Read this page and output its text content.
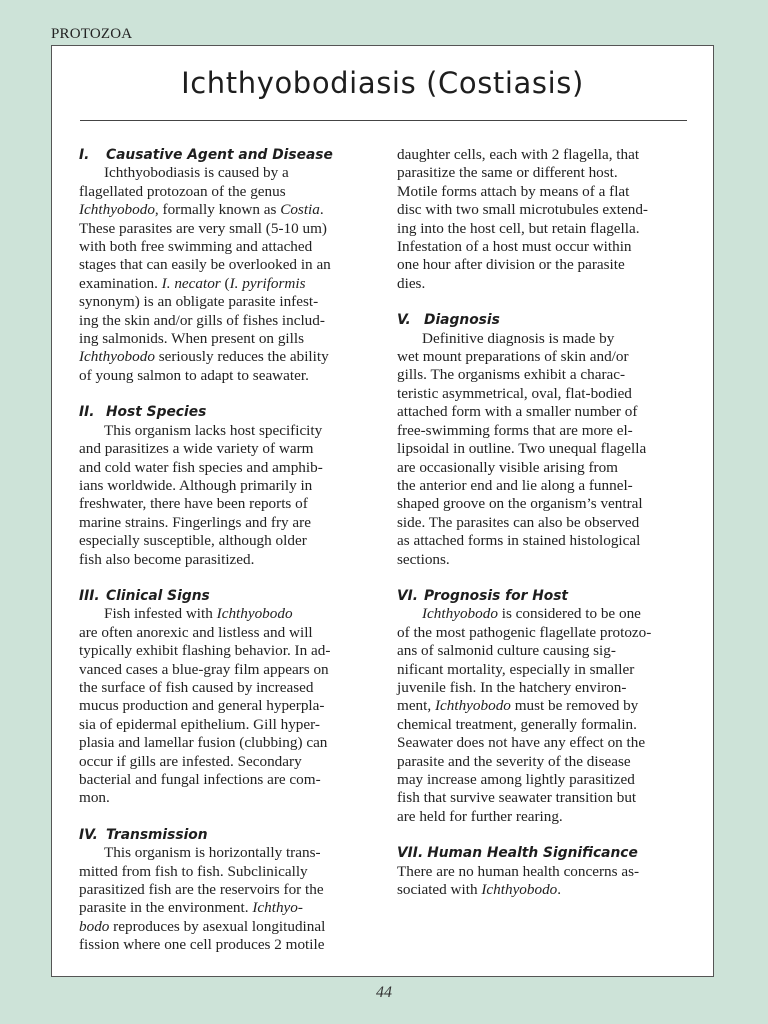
PROTOZOA
Ichthyobodiasis (Costiasis)
I. Causative Agent and Disease
Ichthyobodiasis is caused by a
flagellated protozoan of the genus
Ichthyobodo, formally known as Costia.
These parasites are very small (5-10 um)
with both free swimming and attached
stages that can easily be overlooked in an
examination. I. necator (I. pyriformis
synonym) is an obligate parasite infest-
ing the skin and/or gills of fishes includ-
ing salmonids. When present on gills
Ichthyobodo seriously reduces the ability
of young salmon to adapt to seawater.
II. Host Species
This organism lacks host specificity
and parasitizes a wide variety of warm
and cold water fish species and amphib-
ians worldwide. Although primarily in
freshwater, there have been reports of
marine strains. Fingerlings and fry are
especially susceptible, although older
fish also become parasitized.
III. Clinical Signs
Fish infested with Ichthyobodo
are often anorexic and listless and will
typically exhibit flashing behavior. In ad-
vanced cases a blue-gray film appears on
the surface of fish caused by increased
mucus production and general hyperpla-
sia of epidermal epithelium. Gill hyper-
plasia and lamellar fusion (clubbing) can
occur if gills are infested. Secondary
bacterial and fungal infections are com-
mon.
IV. Transmission
This organism is horizontally trans-
mitted from fish to fish. Subclinically
parasitized fish are the reservoirs for the
parasite in the environment. Ichthyo-
bodo reproduces by asexual longitudinal
fission where one cell produces 2 motile
daughter cells, each with 2 flagella, that
parasitize the same or different host.
Motile forms attach by means of a flat
disc with two small microtubules extend-
ing into the host cell, but retain flagella.
Infestation of a host must occur within
one hour after division or the parasite
dies.
V. Diagnosis
Definitive diagnosis is made by
wet mount preparations of skin and/or
gills. The organisms exhibit a charac-
teristic asymmetrical, oval, flat-bodied
attached form with a smaller number of
free-swimming forms that are more el-
lipsoidal in outline. Two unequal flagella
are occasionally visible arising from
the anterior end and lie along a funnel-
shaped groove on the organism’s ventral
side. The parasites can also be observed
as attached forms in stained histological
sections.
VI. Prognosis for Host
Ichthyobodo is considered to be one
of the most pathogenic flagellate protozo-
ans of salmonid culture causing sig-
nificant mortality, especially in smaller
juvenile fish. In the hatchery environ-
ment, Ichthyobodo must be removed by
chemical treatment, generally formalin.
Seawater does not have any effect on the
parasite and the severity of the disease
may increase among lightly parasitized
fish that survive seawater transition but
are held for further rearing.
VII. Human Health Significance
There are no human health concerns as-
sociated with Ichthyobodo.
44
